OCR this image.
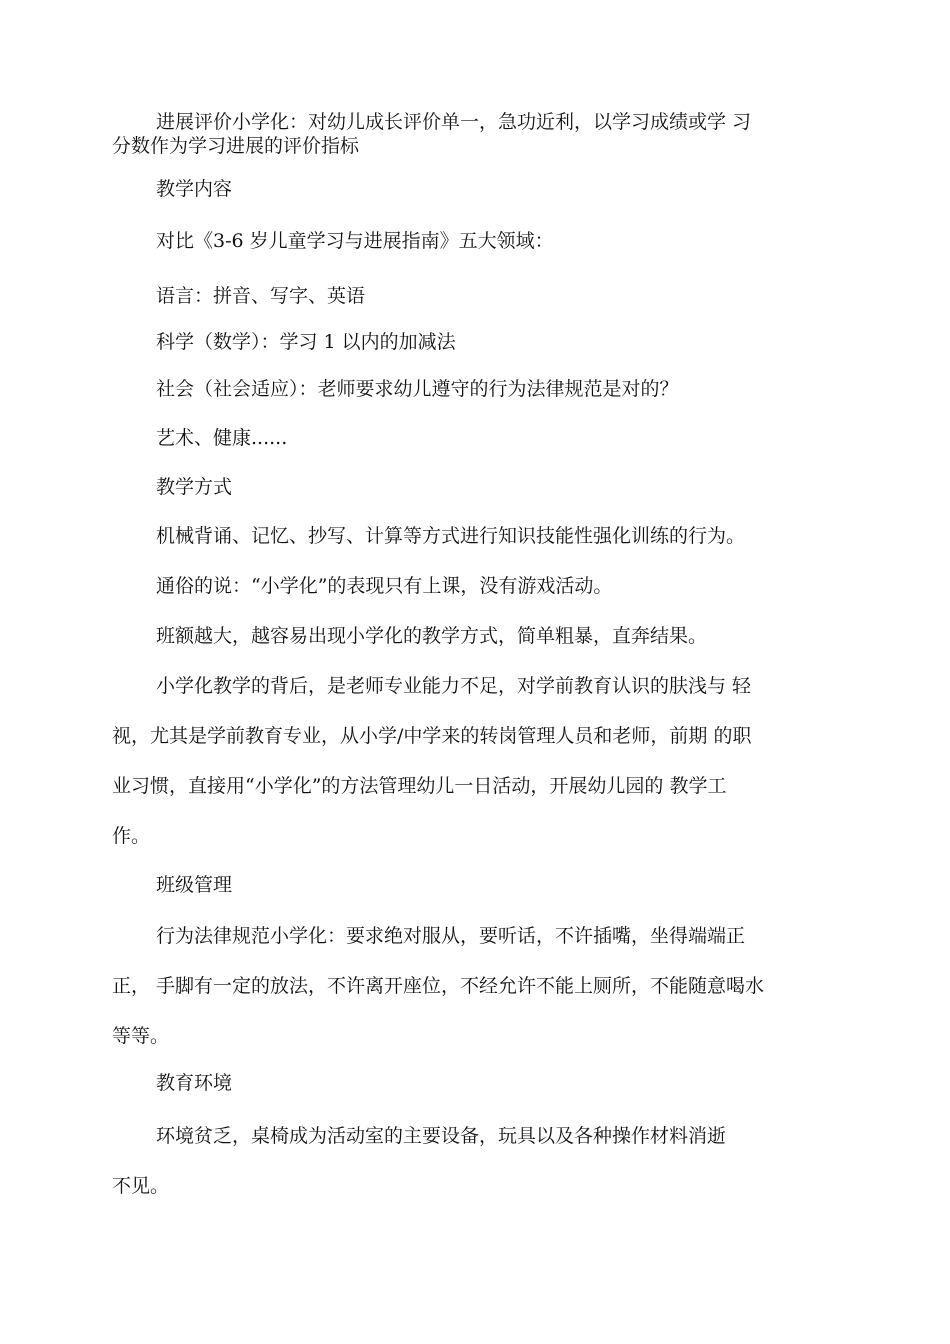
进展评价小学化：对幼儿成长评价单一，急功近利，以学习成绩或学 习
分数作为学习进展的评价指标

教学内容

对比《3-6 岁儿童学习与进展指南》五大领域：

语言：拼音、写字、英语

科学（数学）：学习 1 以内的加减法

社会（社会适应）：老师要求幼儿遵守的行为法律规范是对的？

艺术、健康......

教学方式

机械背诵、记忆、抄写、计算等方式进行知识技能性强化训练的行为。

通俗的说：“小学化”的表现只有上课，没有游戏活动。

班额越大，越容易出现小学化的教学方式，简单粗暴，直奔结果。

小学化教学的背后，是老师专业能力不足，对学前教育认识的肤浅与 轻
视，尤其是学前教育专业，从小学/中学来的转岗管理人员和老师，前期 的职
业习惯，直接用“小学化”的方法管理幼儿一日活动，开展幼儿园的 教学工
作。

班级管理

行为法律规范小学化：要求绝对服从，要听话，不许插嘴，坐得端端正
正， 手脚有一定的放法，不许离开座位，不经允许不能上厕所，不能随意喝水
等等。

教育环境

环境贫乏，桌椅成为活动室的主要设备，玩具以及各种操作材料消逝
不见。
